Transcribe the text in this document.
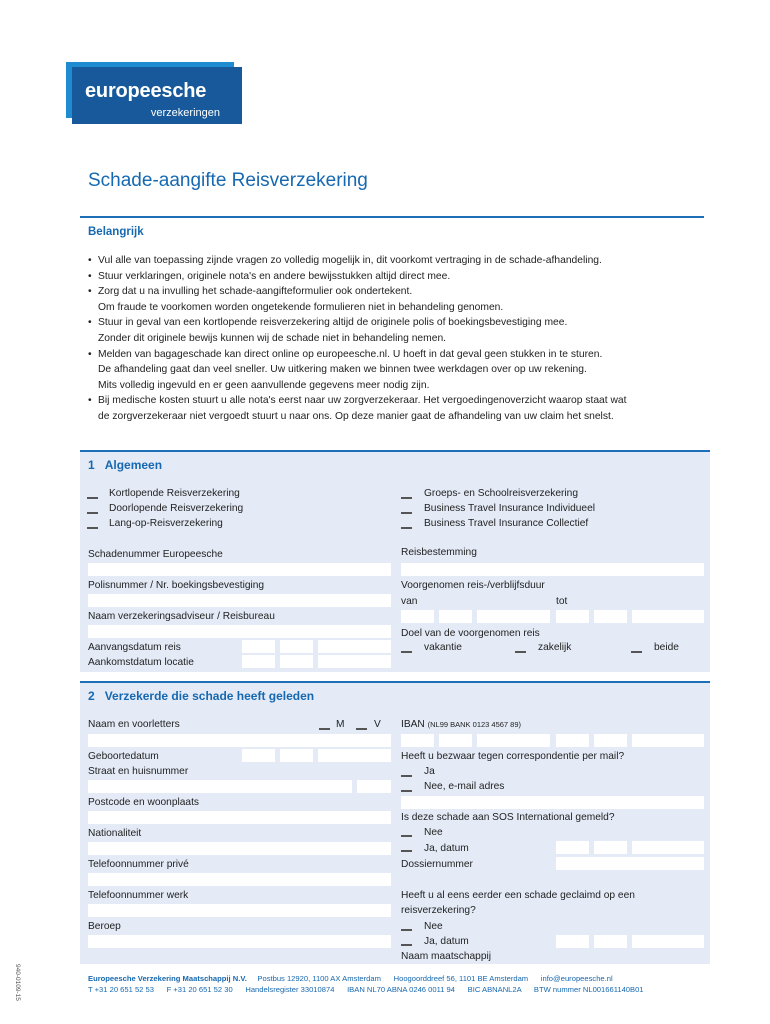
europeesche
verzekeringen
Schade-aangifte Reisverzekering
Belangrijk
• Vul alle van toepassing zijnde vragen zo volledig mogelijk in, dit voorkomt vertraging in de schade-afhandeling.
• Stuur verklaringen, originele nota's en andere bewijsstukken altijd direct mee.
• Zorg dat u na invulling het schade-aangifteformulier ook ondertekent.
Om fraude te voorkomen worden ongetekende formulieren niet in behandeling genomen.
• Stuur in geval van een kortlopende reisverzekering altijd de originele polis of boekingsbevestiging mee.
Zonder dit originele bewijs kunnen wij de schade niet in behandeling nemen.
• Melden van bagageschade kan direct online op europeesche.nl. U hoeft in dat geval geen stukken in te sturen.
De afhandeling gaat dan veel sneller. Uw uitkering maken we binnen twee werkdagen over op uw rekening.
Mits volledig ingevuld en er geen aanvullende gegevens meer nodig zijn.
• Bij medische kosten stuurt u alle nota's eerst naar uw zorgverzekeraar. Het vergoedingenoverzicht waarop staat wat
de zorgverzekeraar niet vergoedt stuurt u naar ons. Op deze manier gaat de afhandeling van uw claim het snelst.
1 Algemeen
Kortlopende Reisverzekering
Doorlopende Reisverzekering
Lang-op-Reisverzekering
Groeps- en Schoolreisverzekering
Business Travel Insurance Individueel
Business Travel Insurance Collectief
Schadenummer Europeesche
Polisnummer / Nr. boekingsbevestiging
Naam verzekeringsadviseur / Reisbureau
Aanvangsdatum reis
Aankomstdatum locatie
Reisbestemming
Voorgenomen reis-/verblijfsduur
van	tot
Doel van de voorgenomen reis
vakantie	zakelijk	beide
2 Verzekerde die schade heeft geleden
Naam en voorletters	M	V
Geboortedatum
Straat en huisnummer
Postcode en woonplaats
Nationaliteit
Telefoonnummer privé
Telefoonnummer werk
Beroep
IBAN (NL99 BANK 0123 4567 89)
Heeft u bezwaar tegen correspondentie per mail?
Ja
Nee, e-mail adres
Is deze schade aan SOS International gemeld?
Nee
Ja, datum
Dossiernummer
Heeft u al eens eerder een schade geclaimd op een
reisverzekering?
Nee
Ja, datum
Naam maatschappij
Europeesche Verzekering Maatschappij N.V. Postbus 12920, 1100 AX Amsterdam      Hoogoorddreef 56, 1101 BE Amsterdam      info@europeesche.nl
T +31 20 651 52 53      F +31 20 651 52 30      Handelsregister 33010874      IBAN NL70 ABNA 0246 0011 94      BIC ABNANL2A      BTW nummer NL001661140B01
940-0109-15
